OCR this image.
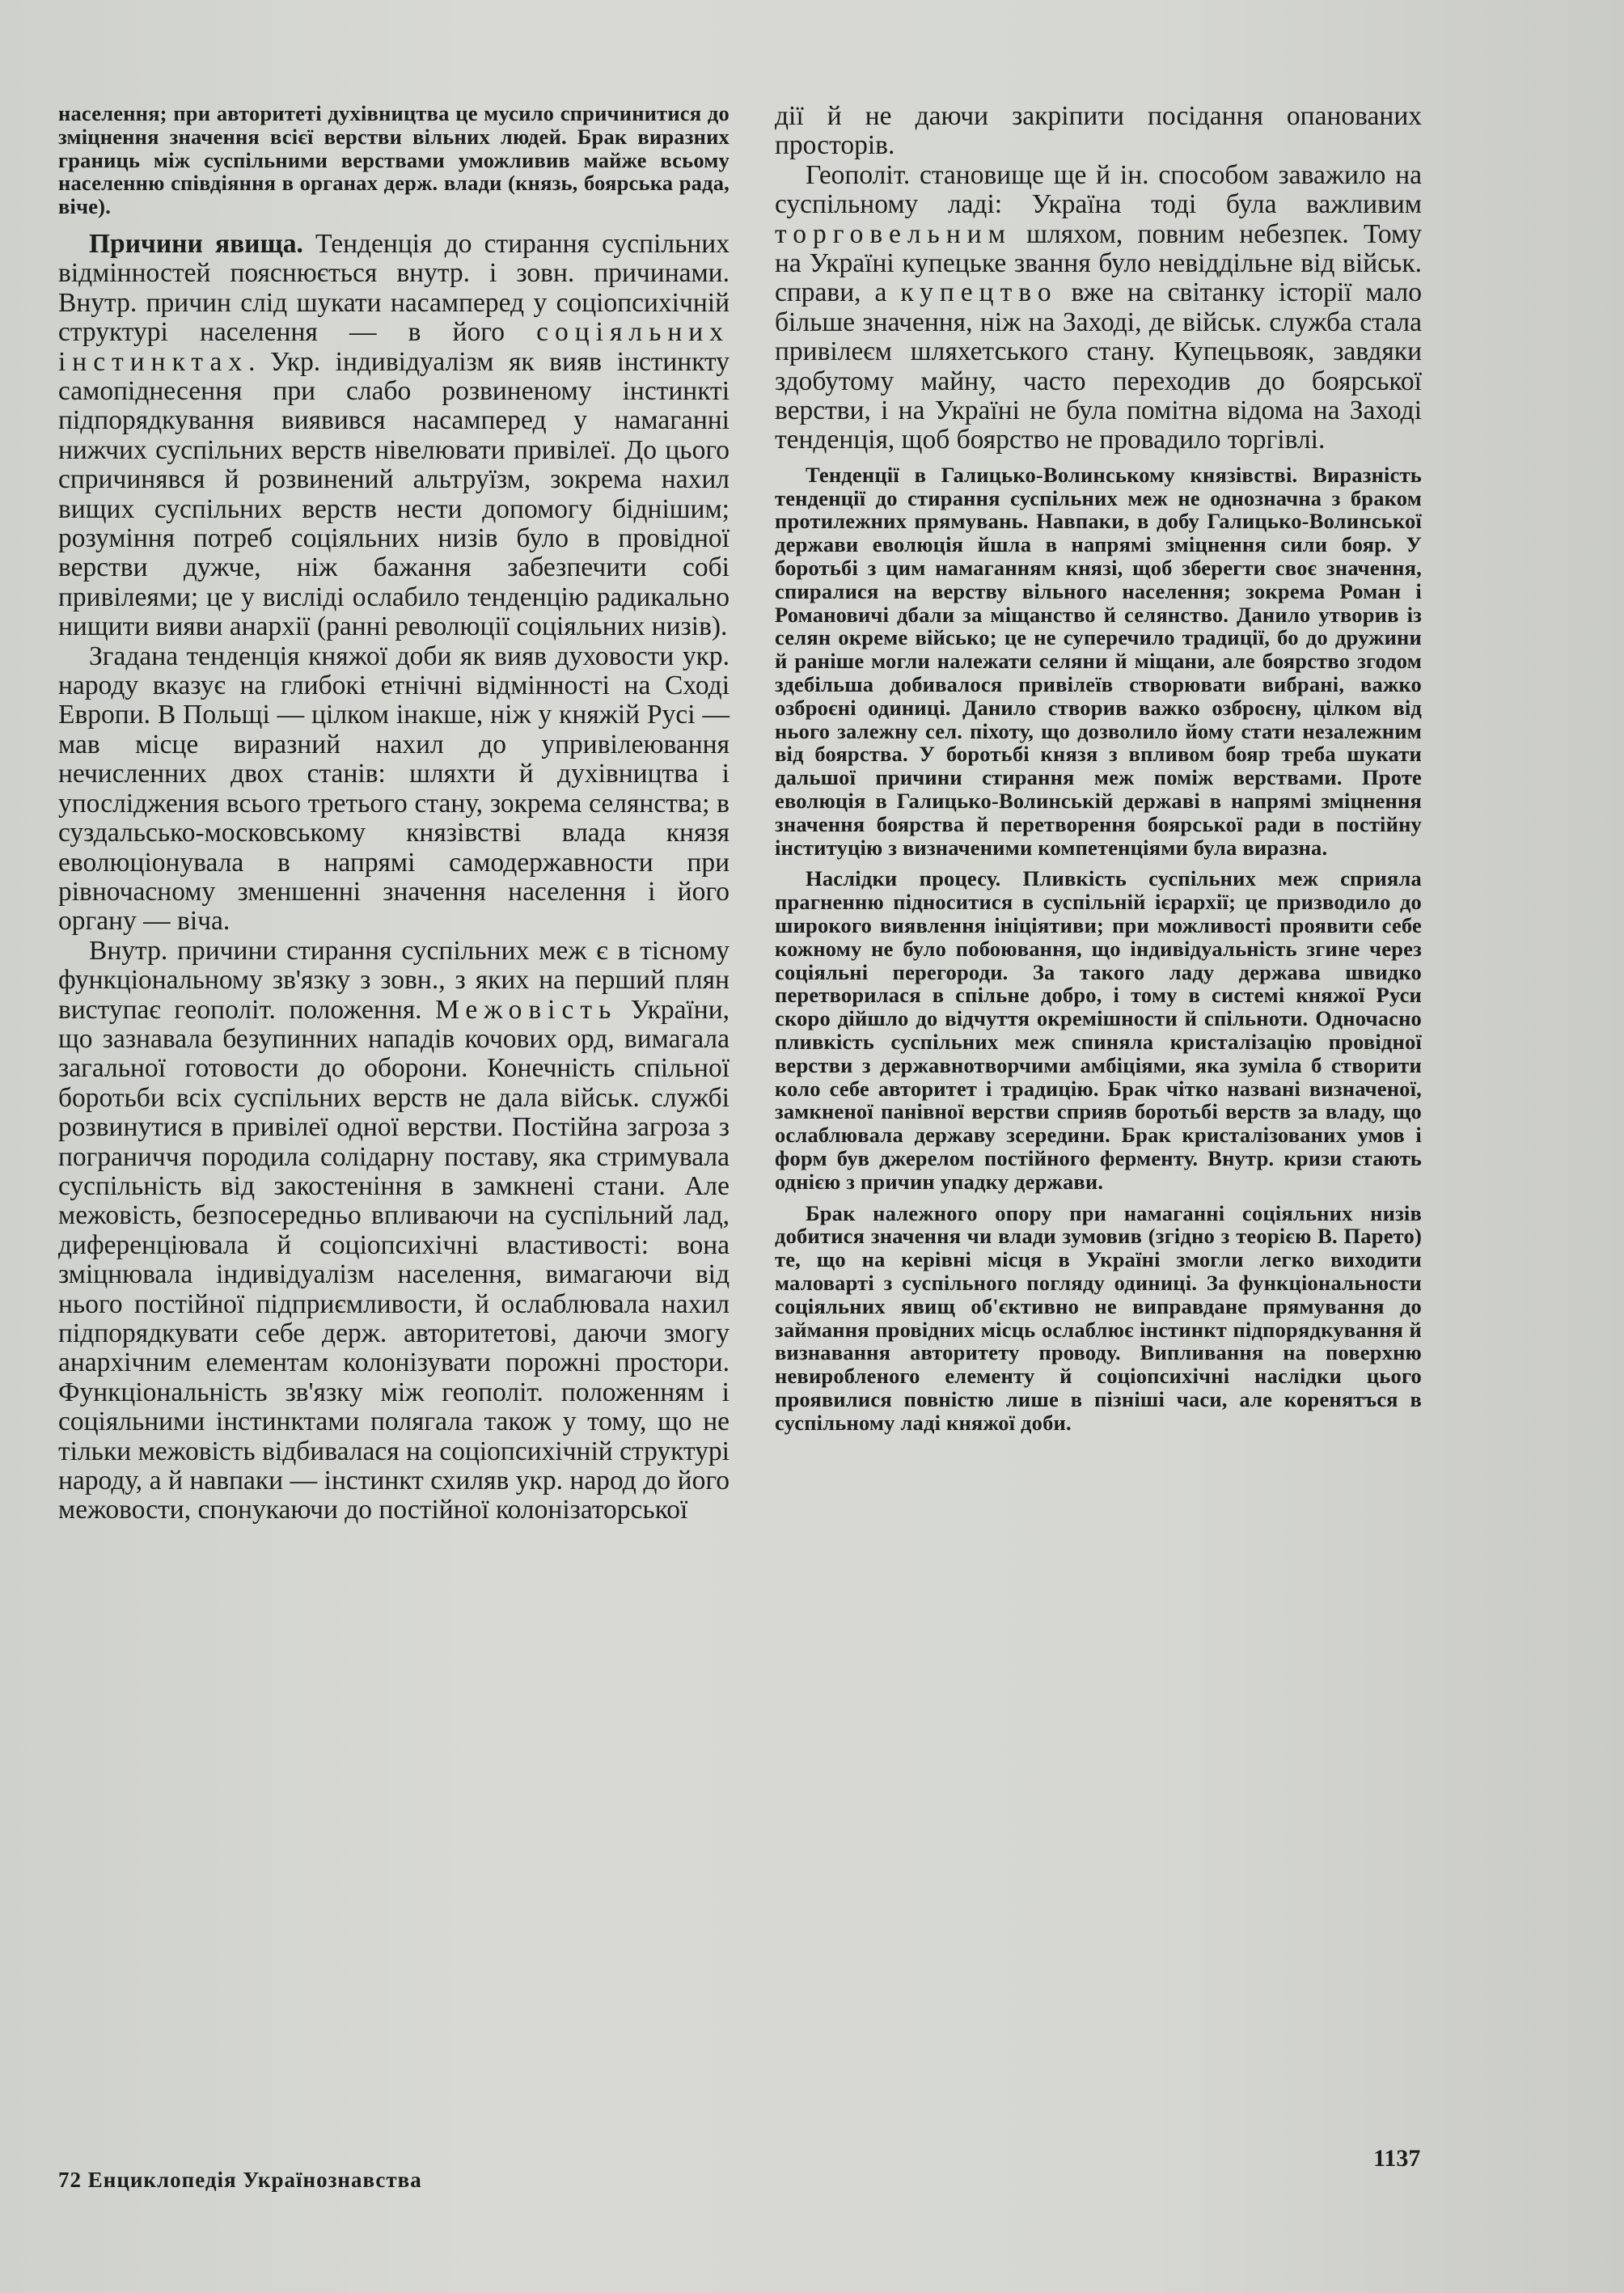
населення; при авторитеті духівництва це мусило спричинитися до зміцнення значення всієї верстви вільних людей. Брак виразних границь між суспільними верствами уможливив майже всьому населенню співдіяння в органах держ. влади (князь, боярська рада, віче).

Причини явища. Тенденція до стирання суспільних відмінностей пояснюється внутр. і зовн. причинами. Внутр. причин слід шукати насамперед у соціопсихічній структурі населення — в його соціяльних інстинктах. Укр. індивідуалізм як вияв інстинкту самопіднесення при слабо розвиненому інстинкті підпорядкування виявився насамперед у намаганні нижчих суспільних верств нівелювати привілеї. До цього спричинявся й розвинений альтруїзм, зокрема нахил вищих суспільних верств нести допомогу біднішим; розуміння потреб соціяльних низів було в провідної верстви дужче, ніж бажання забезпечити собі привілеями; це у висліді ослабило тенденцію радикально нищити вияви анархії (ранні революції соціяльних низів).

Згадана тенденція княжої доби як вияв духовости укр. народу вказує на глибокі етнічні відмінності на Сході Европи. В Польщі — цілком інакше, ніж у княжій Русі — мав місце виразний нахил до упривілеювання нечисленних двох станів: шляхти й духівництва і упосліджения всього третього стану, зокрема селянства; в суздальсько-московському князівстві влада князя еволюціонувала в напрямі самодержавности при рівночасному зменшенні значення населення і його органу — віча.

Внутр. причини стирання суспільних меж є в тісному функціональному зв'язку з зовн., з яких на перший плян виступає геополіт. положення. Межовість України, що зазнавала безупинних нападів кочових орд, вимагала загальної готовости до оборони. Конечність спільної боротьби всіх суспільних верств не дала військ. службі розвинутися в привілеї одної верстви. Постійна загроза з пограниччя породила солідарну поставу, яка стримувала суспільність від закостеніння в замкнені стани. Але межовість, безпосередньо впливаючи на суспільний лад, диференціювала й соціопсихічні властивості: вона зміцнювала індивідуалізм населення, вимагаючи від нього постійної підприємливости, й ослаблювала нахил підпорядкувати себе держ. авторитетові, даючи змогу анархічним елементам колонізувати порожні простори. Функціональність зв'язку між геополіт. положенням і соціяльними інстинктами полягала також у тому, що не тільки межовість відбивалася на соціопсихічній структурі народу, а й навпаки — інстинкт схиляв укр. народ до його межовости, спонукаючи до постійної колонізаторської

дії й не даючи закріпити посідання опанованих просторів.

Геополіт. становище ще й ін. способом заважило на суспільному ладі: Україна тоді була важливим торговельним шляхом, повним небезпек. Тому на Україні купецьке звання було невіддільне від військ. справи, а купецтво вже на світанку історії мало більше значення, ніж на Заході, де військ. служба стала привілеєм шляхетського стану. Купецьвояк, завдяки здобутому майну, часто переходив до боярської верстви, і на Україні не була помітна відома на Заході тенденція, щоб боярство не провадило торгівлі.

Тенденції в Галицько-Волинському князівстві. Виразність тенденції до стирання суспільних меж не однозначна з браком протилежних прямувань. Навпаки, в добу Галицько-Волинської держави еволюція йшла в напрямі зміцнення сили бояр. У боротьбі з цим намаганням князі, щоб зберегти своє значення, спиралися на верству вільного населення; зокрема Роман і Романовичі дбали за міщанство й селянство. Данило утворив із селян окреме військо; це не суперечило традиції, бо до дружини й раніше могли належати селяни й міщани, але боярство згодом здебільша добивалося привілеїв створювати вибрані, важко озброєні одиниці. Данило створив важко озброєну, цілком від нього залежну сел. піхоту, що дозволило йому стати незалежним від боярства. У боротьбі князя з впливом бояр треба шукати дальшої причини стирання меж поміж верствами. Проте еволюція в Галицько-Волинській державі в напрямі зміцнення значення боярства й перетворення боярської ради в постійну інституцію з визначеними компетенціями була виразна.

Наслідки процесу. Пливкість суспільних меж сприяла прагненню підноситися в суспільній ієрархії; це призводило до широкого виявлення ініціятиви; при можливості проявити себе кожному не було побоювання, що індивідуальність згине через соціяльні перегороди. За такого ладу держава швидко перетворилася в спільне добро, і тому в системі княжої Руси скоро дійшло до відчуття окремішности й спільноти. Одночасно пливкість суспільних меж спиняла кристалізацію провідної верстви з державнотворчими амбіціями, яка зуміла б створити коло себе авторитет і традицію. Брак чітко названі визначеної, замкненої панівної верстви сприяв боротьбі верств за владу, що ослаблювала державу зсередини. Брак кристалізованих умов і форм був джерелом постійного ферменту. Внутр. кризи стають однією з причин упадку держави.

Брак належного опору при намаганні соціяльних низів добитися значення чи влади зумовив (згідно з теорією В. Парето) те, що на керівні місця в Україні змогли легко виходити маловарті з суспільного погляду одиниці. За функціональности соціяльних явищ об'єктивно не виправдане прямування до займання провідних місць ослаблює інстинкт підпорядкування й визнавання авторитету проводу. Випливання на поверхню невиробленого елементу й соціопсихічні наслідки цього проявилися повністю лише в пізніші часи, але коренятъся в суспільному ладі княжої доби.

72 Енциклопедія Українознавства
1137
